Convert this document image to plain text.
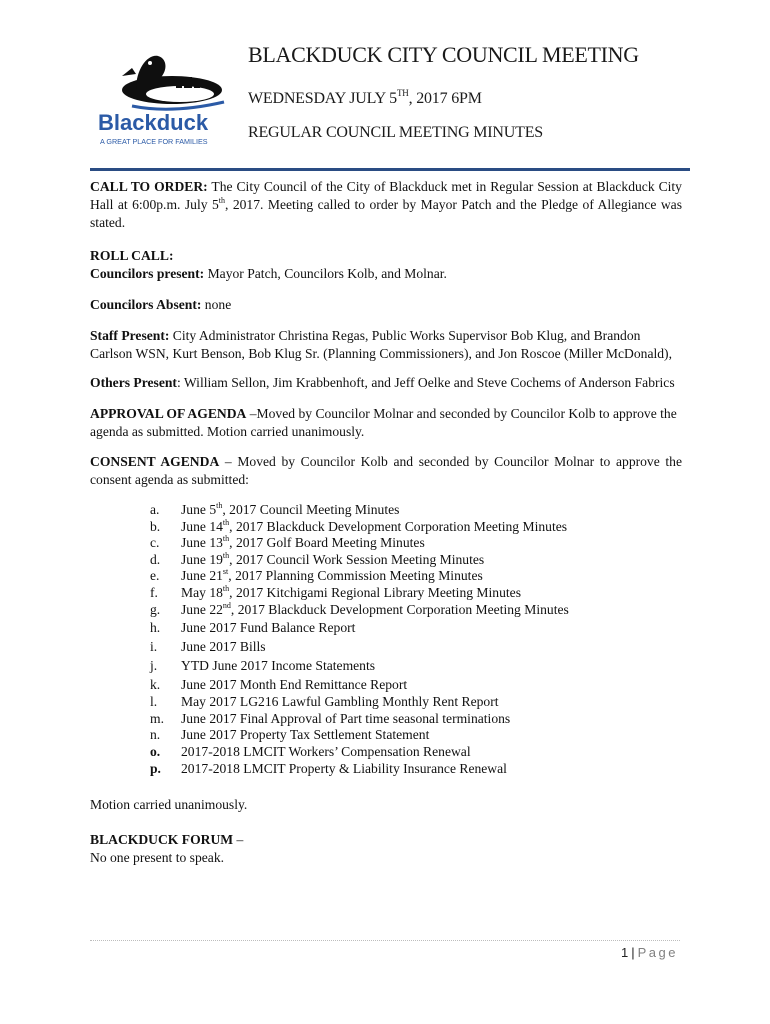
Blackduck
A GREAT PLACE FOR FAMILIES
BLACKDUCK CITY COUNCIL MEETING
WEDNESDAY JULY 5TH, 2017 6PM
REGULAR COUNCIL MEETING MINUTES

CALL TO ORDER: The City Council of the City of Blackduck met in Regular Session at Blackduck City Hall at 6:00p.m. July 5th, 2017. Meeting called to order by Mayor Patch and the Pledge of Allegiance was stated.

ROLL CALL:

Councilors present: Mayor Patch, Councilors Kolb, and Molnar.

Councilors Absent: none

Staff Present: City Administrator Christina Regas, Public Works Supervisor Bob Klug, and Brandon Carlson WSN, Kurt Benson, Bob Klug Sr. (Planning Commissioners), and Jon Roscoe (Miller McDonald),

Others Present: William Sellon, Jim Krabbenhoft, and Jeff Oelke and Steve Cochems of Anderson Fabrics

APPROVAL OF AGENDA –Moved by Councilor Molnar and seconded by Councilor Kolb to approve the agenda as submitted. Motion carried unanimously.

CONSENT AGENDA – Moved by Councilor Kolb and seconded by Councilor Molnar to approve the consent agenda as submitted:

a.	June 5th, 2017 Council Meeting Minutes
b.	June 14th, 2017 Blackduck Development Corporation Meeting Minutes
c.	June 13th, 2017 Golf Board Meeting Minutes
d.	June 19th, 2017 Council Work Session Meeting Minutes
e.	June 21st, 2017 Planning Commission Meeting Minutes
f.	May 18th, 2017 Kitchigami Regional Library Meeting Minutes
g.	June 22nd, 2017 Blackduck Development Corporation Meeting Minutes
h.	June 2017 Fund Balance Report
i.	June 2017 Bills
j.	YTD June 2017 Income Statements
k.	June 2017 Month End Remittance Report
l.	May 2017 LG216 Lawful Gambling Monthly Rent Report
m.	June 2017 Final Approval of Part time seasonal terminations
n.	June 2017 Property Tax Settlement Statement
o.	2017-2018 LMCIT Workers’ Compensation Renewal
p.	2017-2018 LMCIT Property & Liability Insurance Renewal

Motion carried unanimously.

BLACKDUCK FORUM –

No one present to speak.

1 | Page
